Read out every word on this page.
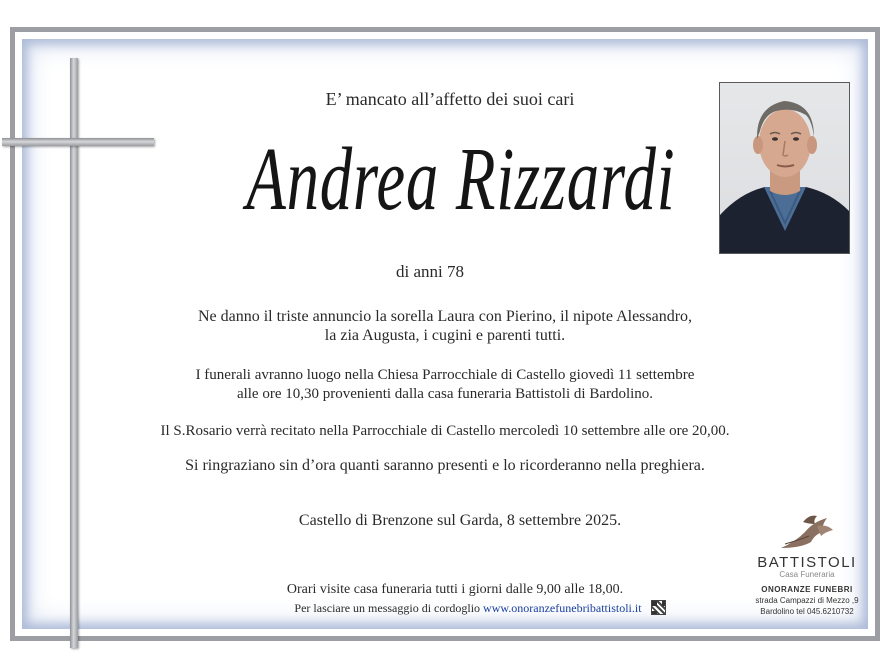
E’ mancato all’affetto dei suoi cari
Andrea Rizzardi
di anni 78
Ne danno il triste annuncio la sorella Laura con Pierino, il nipote Alessandro,
la zia Augusta, i cugini e parenti tutti.
I funerali avranno luogo nella Chiesa Parrocchiale di Castello giovedì 11 settembre
alle ore 10,30 provenienti dalla casa funeraria Battistoli di Bardolino.
Il S.Rosario verrà recitato nella Parrocchiale di Castello mercoledì 10 settembre alle ore 20,00.
Si ringraziano sin d’ora quanti saranno presenti e lo ricorderanno nella preghiera.
Castello di Brenzone sul Garda, 8 settembre 2025.
Orari visite casa funeraria tutti i giorni dalle 9,00 alle 18,00.
Per lasciare un messaggio di cordoglio www.onoranzefunebribattistoli.it
BATTISTOLI
Casa Funeraria
ONORANZE FUNEBRI
strada Campazzi di Mezzo ,9
Bardolino tel 045.6210732
